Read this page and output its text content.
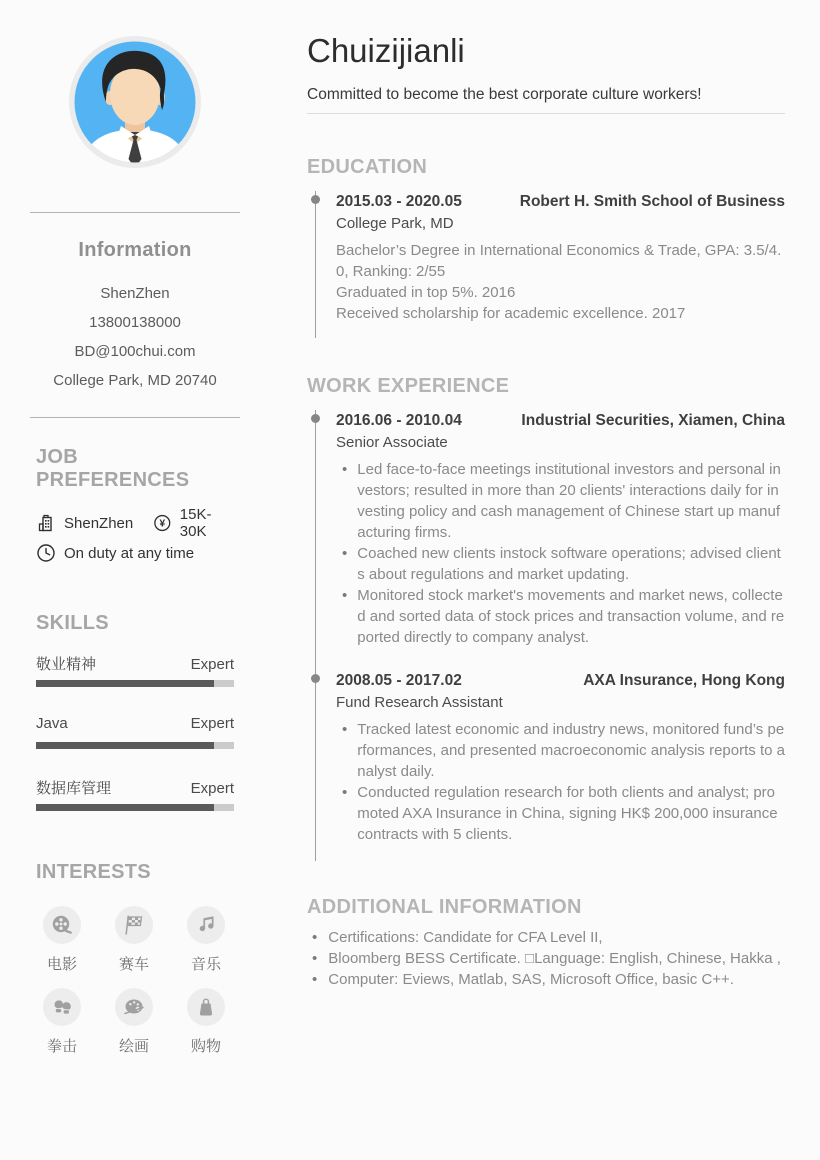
Information
ShenZhen
13800138000
BD@100chui.com
College Park, MD 20740
JOB PREFERENCES
ShenZhen ¥
15K-30K
On duty at any time
SKILLS
敬业精神	Expert
Java	Expert
数据库管理	Expert
INTERESTS
电影	赛车	音乐
拳击	绘画	购物
Chuizijianli
Committed to become the best corporate culture workers!
EDUCATION
2015.03 - 2020.05	Robert H. Smith School of Business
College Park, MD
Bachelor’s Degree in International Economics & Trade, GPA: 3.5/4.0, Ranking: 2/55
Graduated in top 5%. 2016
Received scholarship for academic excellence. 2017
WORK EXPERIENCE
2016.06 - 2010.04	Industrial Securities, Xiamen, China
Senior Associate
• Led face-to-face meetings institutional investors and personal investors; resulted in more than 20 clients' interactions daily for investing policy and cash management of Chinese start up manufacturing firms.
• Coached new clients instock software operations; advised clients about regulations and market updating.
• Monitored stock market's movements and market news, collected and sorted data of stock prices and transaction volume, and reported directly to company analyst.
2008.05 - 2017.02	AXA Insurance, Hong Kong
Fund Research Assistant
• Tracked latest economic and industry news, monitored fund’s performances, and presented macroeconomic analysis reports to analyst daily.
• Conducted regulation research for both clients and analyst; promoted AXA Insurance in China, signing HK$ 200,000 insurance contracts with 5 clients.
ADDITIONAL INFORMATION
• Certifications: Candidate for CFA Level II,
• Bloomberg BESS Certificate. □Language: English, Chinese, Hakka ,
• Computer: Eviews, Matlab, SAS, Microsoft Office, basic C++.
